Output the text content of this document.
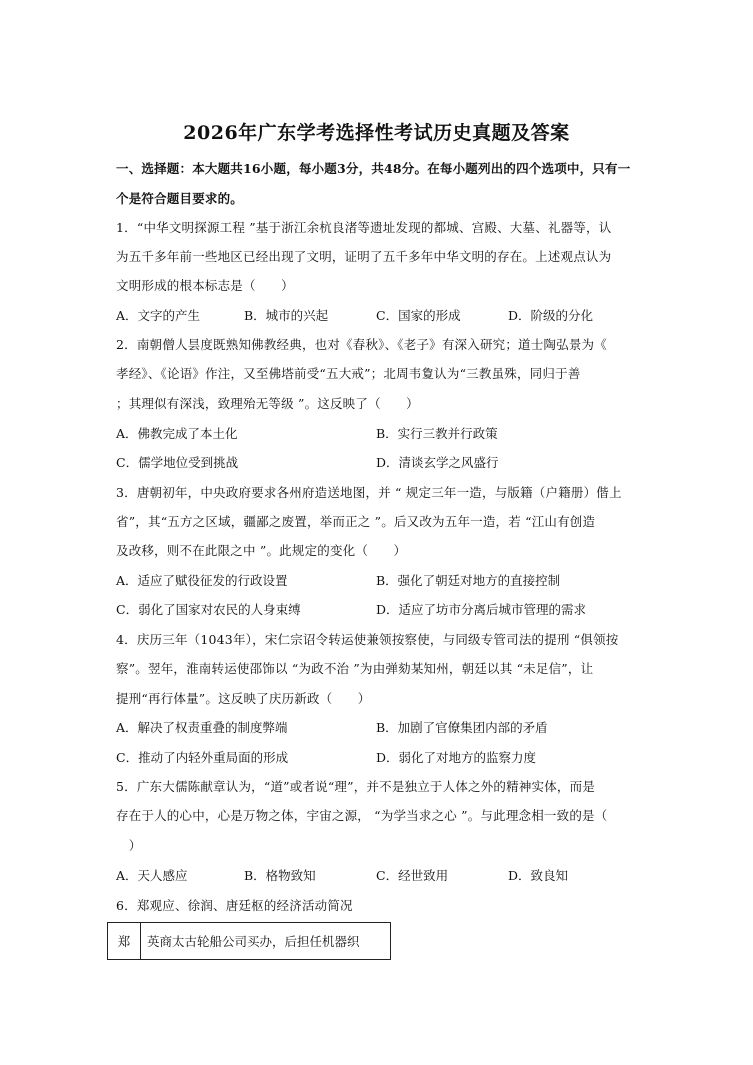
2026年广东学考选择性考试历史真题及答案
一、选择题：本大题共16小题，每小题3分，共48分。在每小题列出的四个选项中，只有一
个是符合题目要求的。
1．“中华文明探源工程 ”基于浙江余杭良渚等遗址发现的都城、宫殿、大墓、礼器等，认
为五千多年前一些地区已经出现了文明，证明了五千多年中华文明的存在。上述观点认为
文明形成的根本标志是（　　）
A．文字的产生	B．城市的兴起	C．国家的形成	D．阶级的分化
2．南朝僧人昙度既熟知佛教经典，也对《春秋》、《老子》有深入研究；道士陶弘景为《
孝经》、《论语》作注，又至佛塔前受“五大戒”；北周韦夐认为“三教虽殊，同归于善
；其理似有深浅，致理殆无等级 ”。这反映了（　　）
A．佛教完成了本土化	B．实行三教并行政策
C．儒学地位受到挑战	D．清谈玄学之风盛行
3．唐朝初年，中央政府要求各州府造送地图，并 “ 规定三年一造，与版籍（户籍册）偕上
省”，其“五方之区域，疆鄙之废置，举而正之 ”。后又改为五年一造，若 “江山有创造
及改移，则不在此限之中 ”。此规定的变化（　　）
A．适应了赋役征发的行政设置	B．强化了朝廷对地方的直接控制
C．弱化了国家对农民的人身束缚	D．适应了坊市分离后城市管理的需求
4．庆历三年（1043年），宋仁宗诏令转运使兼领按察使，与同级专管司法的提刑 “俱领按
察”。翌年，淮南转运使邵饰以 “为政不治 ”为由弹劾某知州，朝廷以其 “未足信”，让
提刑“再行体量”。这反映了庆历新政（　　）
A．解决了权责重叠的制度弊端	B．加剧了官僚集团内部的矛盾
C．推动了内轻外重局面的形成	D．弱化了对地方的监察力度
5．广东大儒陈献章认为，“道”或者说“理”，并不是独立于人体之外的精神实体，而是
存在于人的心中，心是万物之体，宇宙之源， “为学当求之心 ”。与此理念相一致的是（
　）
A．天人感应	B．格物致知	C．经世致用	D．致良知
6．郑观应、徐润、唐廷枢的经济活动简况
郑	英商太古轮船公司买办，后担任机器织
